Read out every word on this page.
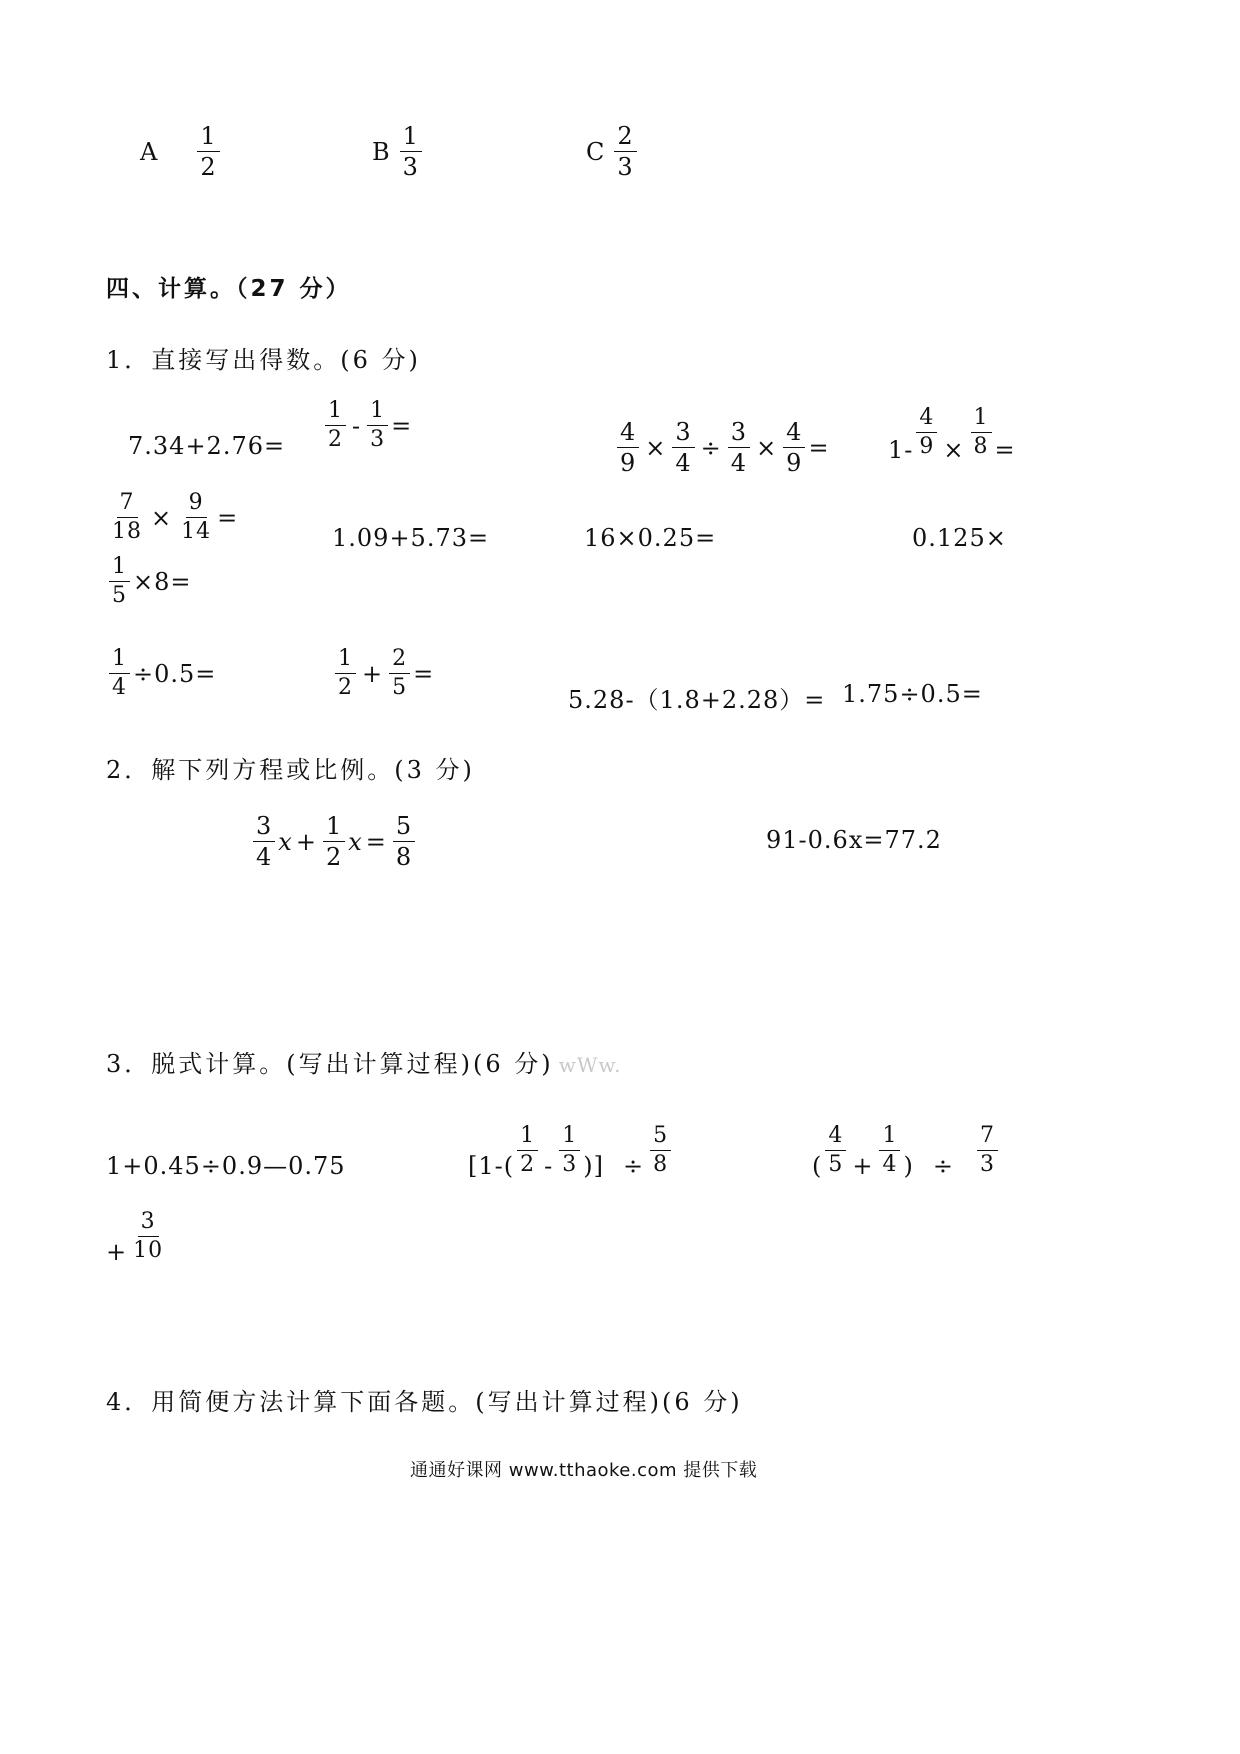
A $\frac{1}{2}$	B $\frac{1}{3}$	C $\frac{2}{3}$
四、计算。（27 分）
1．直接写出得数。(6 分)
$7.34+2.76= \frac{1}{2} - \frac{1}{3}$ =	$\frac{4}{9} \times \frac{3}{4} \div \frac{3}{4} \times \frac{4}{9} = 1- \frac{4}{9} \times \frac{1}{8}$ =
$\frac{7}{18} \times \frac{9}{14}$ =
1.09+5.73=	16×0.25=	0.125×
$\frac{1}{5} \times 8=$
$\frac{1}{4} \div 0.5=$	$\frac{1}{2} + \frac{2}{5}$ =
5.28-（1.8+2.28）= 1.75÷0.5=
2．解下列方程或比例。(3 分)
$\frac{3}{4}$ $x + \frac{1}{2}$ $x = \frac{5}{8}$	91-0.6x=77.2
3．脱式计算。(写出计算过程)(6 分) wWw.
1+0.45÷0.9—0.75
+ $\frac{3}{10}$
[$1-( \frac{1}{2} - \frac{1}{3}$ )] ÷ $\frac{5}{8}$	( $\frac{4}{5} + \frac{1}{4}$ ) ÷ $\frac{7}{3}$
4．用简便方法计算下面各题。(写出计算过程)(6 分)
通通好课网 www.tthaoke.com 提供下载
